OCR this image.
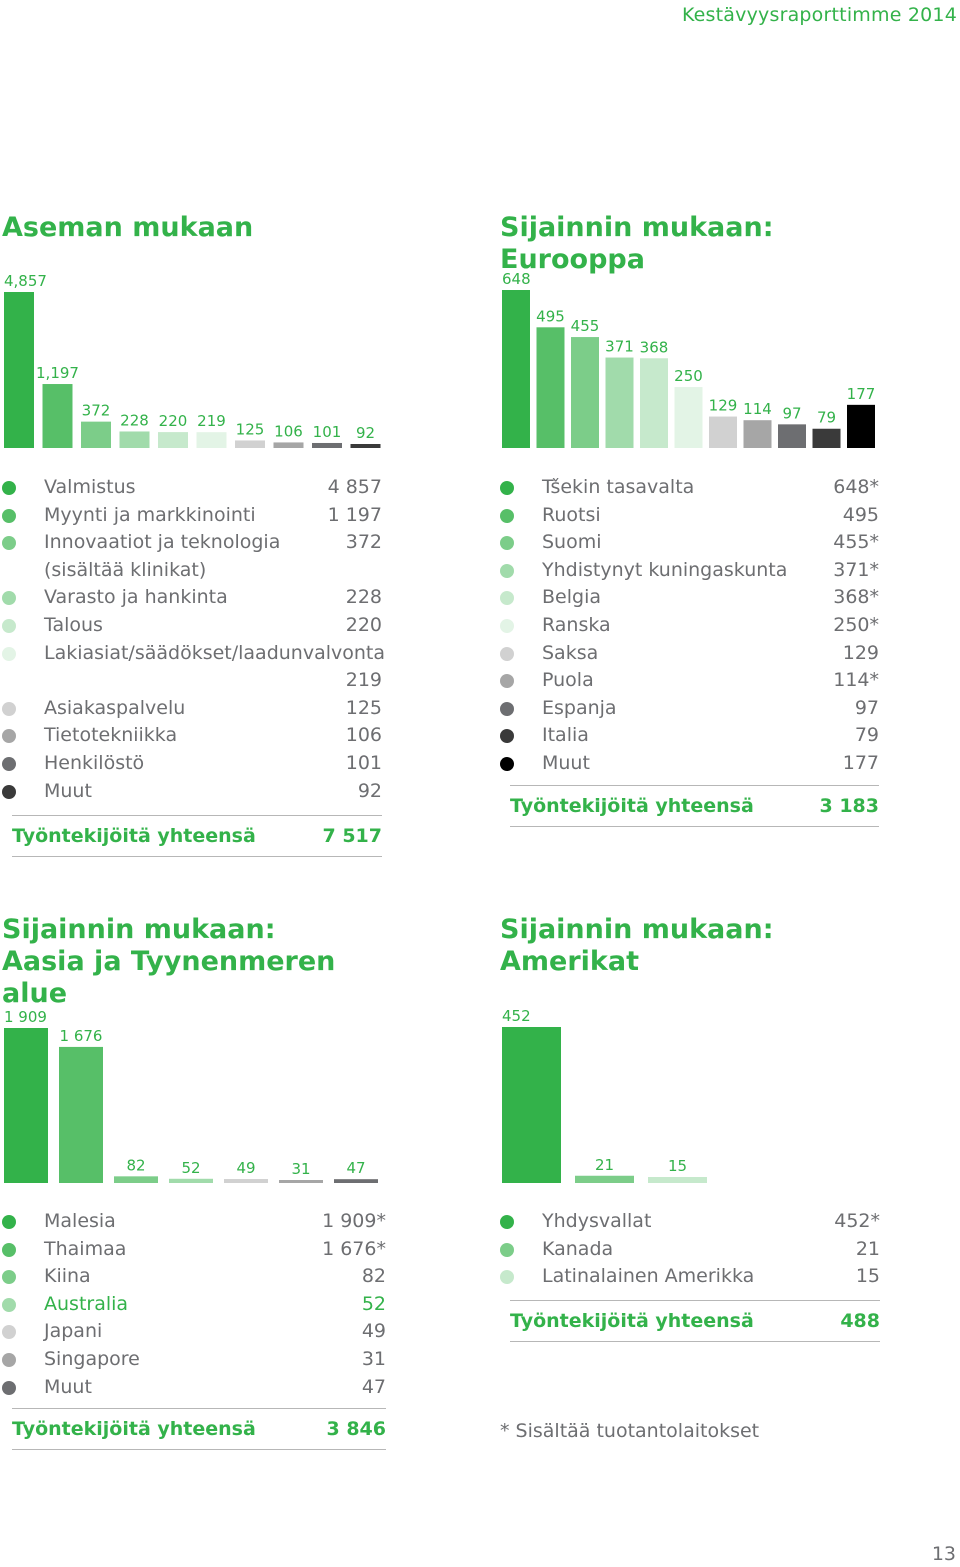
Kestävyysraporttimme 2014
Aseman mukaan
4,857
1,197
372
228 220 219 125 106 101 92
Valmistus	4 857
Myynti ja markkinointi	1 197
Innovaatiot ja teknologia
(sisältää klinikat)
372
Varasto ja hankinta	228
Talous	220
Lakiasiat/säädökset/laadunvalvonta
219
Asiakaspalvelu	125
Tietotekniikka	106
Henkilöstö	101
Muut	92
Työntekijöitä yhteensä	7 517
Sijainnin mukaan: Eurooppa
648
495
455
371 368
250
129 114 97 79
177
Tšekin tasavalta	648*
Ruotsi	495
Suomi	455*
Yhdistynyt kuningaskunta 371*
Belgia	368*
Ranska	250*
Saksa	129
Puola	114*
Espanja	97
Italia	79
Muut	177
Työntekijöitä yhteensä	3 183
Sijainnin mukaan: Aasia ja Tyynenmeren alue
1 909
1 676
82 52 49 31 47
Malesia	1 909*
Thaimaa	1 676*
Kiina	82
Australia	52
Japani	49
Singapore	31
Muut	47
Työntekijöitä yhteensä	3 846
Sijainnin mukaan: Amerikat
452
21	15
Yhdysvallat	452*
Kanada	21
Latinalainen Amerikka	15
Työntekijöitä yhteensä	488
* Sisältää tuotantolaitokset
13
